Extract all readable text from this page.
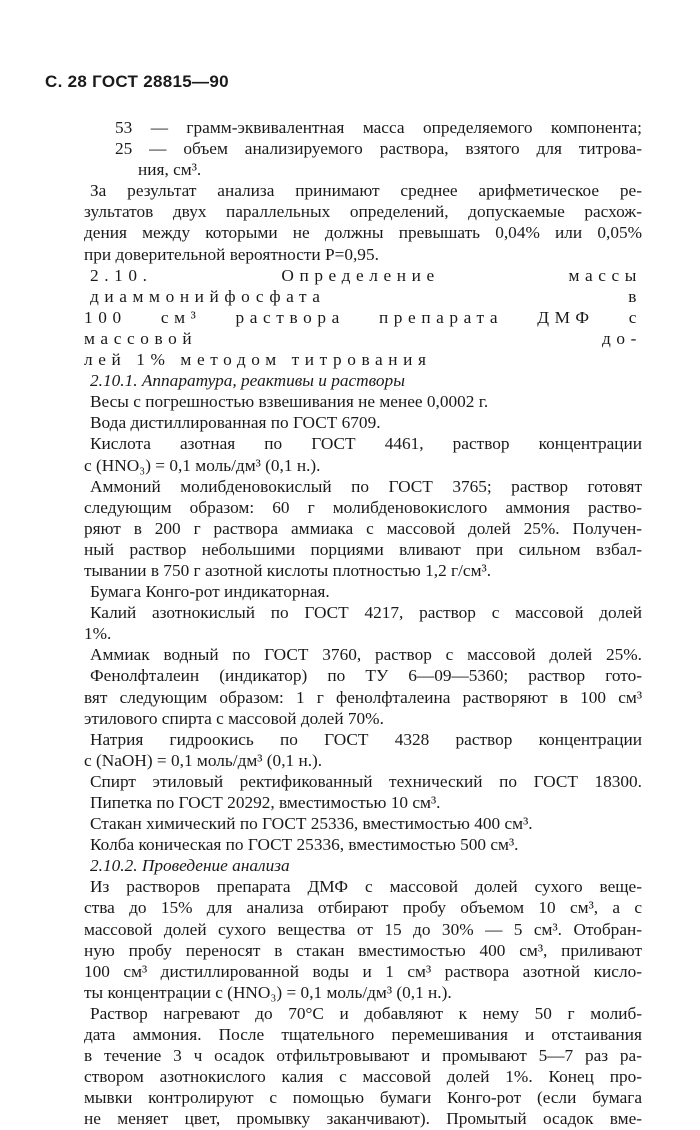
С. 28 ГОСТ 28815—90
53 — грамм-эквивалентная масса определяемого компонента;
25 — объем анализируемого раствора, взятого для титрова-
ния, см³.
За результат анализа принимают среднее арифметическое ре-
зультатов двух параллельных определений, допускаемые расхож-
дения между которыми не должны превышать 0,04% или 0,05%
при доверительной вероятности P=0,95.
2.10. Определение массы диаммонийфосфата в
100 см³ раствора препарата ДМФ с массовой до-
лей 1% методом титрования
2.10.1. Аппаратура, реактивы и растворы
Весы с погрешностью взвешивания не менее 0,0002 г.
Вода дистиллированная по ГОСТ 6709.
Кислота азотная по ГОСТ 4461, раствор концентрации
c (HNO₃) = 0,1 моль/дм³ (0,1 н.).
Аммоний молибденовокислый по ГОСТ 3765; раствор готовят
следующим образом: 60 г молибденовокислого аммония раство-
ряют в 200 г раствора аммиака с массовой долей 25%. Получен-
ный раствор небольшими порциями вливают при сильном взбал-
тывании в 750 г азотной кислоты плотностью 1,2 г/см³.
Бумага Конго-рот индикаторная.
Калий азотнокислый по ГОСТ 4217, раствор с массовой долей
1%.
Аммиак водный по ГОСТ 3760, раствор с массовой долей 25%.
Фенолфталеин (индикатор) по ТУ 6—09—5360; раствор гото-
вят следующим образом: 1 г фенолфталеина растворяют в 100 см³
этилового спирта с массовой долей 70%.
Натрия гидроокись по ГОСТ 4328 раствор концентрации
c (NaOH) = 0,1 моль/дм³ (0,1 н.).
Спирт этиловый ректификованный технический по ГОСТ 18300.
Пипетка по ГОСТ 20292, вместимостью 10 см³.
Стакан химический по ГОСТ 25336, вместимостью 400 см³.
Колба коническая по ГОСТ 25336, вместимостью 500 см³.
2.10.2. Проведение анализа
Из растворов препарата ДМФ с массовой долей сухого веще-
ства до 15% для анализа отбирают пробу объемом 10 см³, а с
массовой долей сухого вещества от 15 до 30% — 5 см³. Отобран-
ную пробу переносят в стакан вместимостью 400 см³, приливают
100 см³ дистиллированной воды и 1 см³ раствора азотной кисло-
ты концентрации c (HNO₃) = 0,1 моль/дм³ (0,1 н.).
Раствор нагревают до 70°С и добавляют к нему 50 г молиб-
дата аммония. После тщательного перемешивания и отстаивания
в течение 3 ч осадок отфильтровывают и промывают 5—7 раз ра-
створом азотнокислого калия с массовой долей 1%. Конец про-
мывки контролируют с помощью бумаги Конго-рот (если бумага
не меняет цвет, промывку заканчивают). Промытый осадок вме-
